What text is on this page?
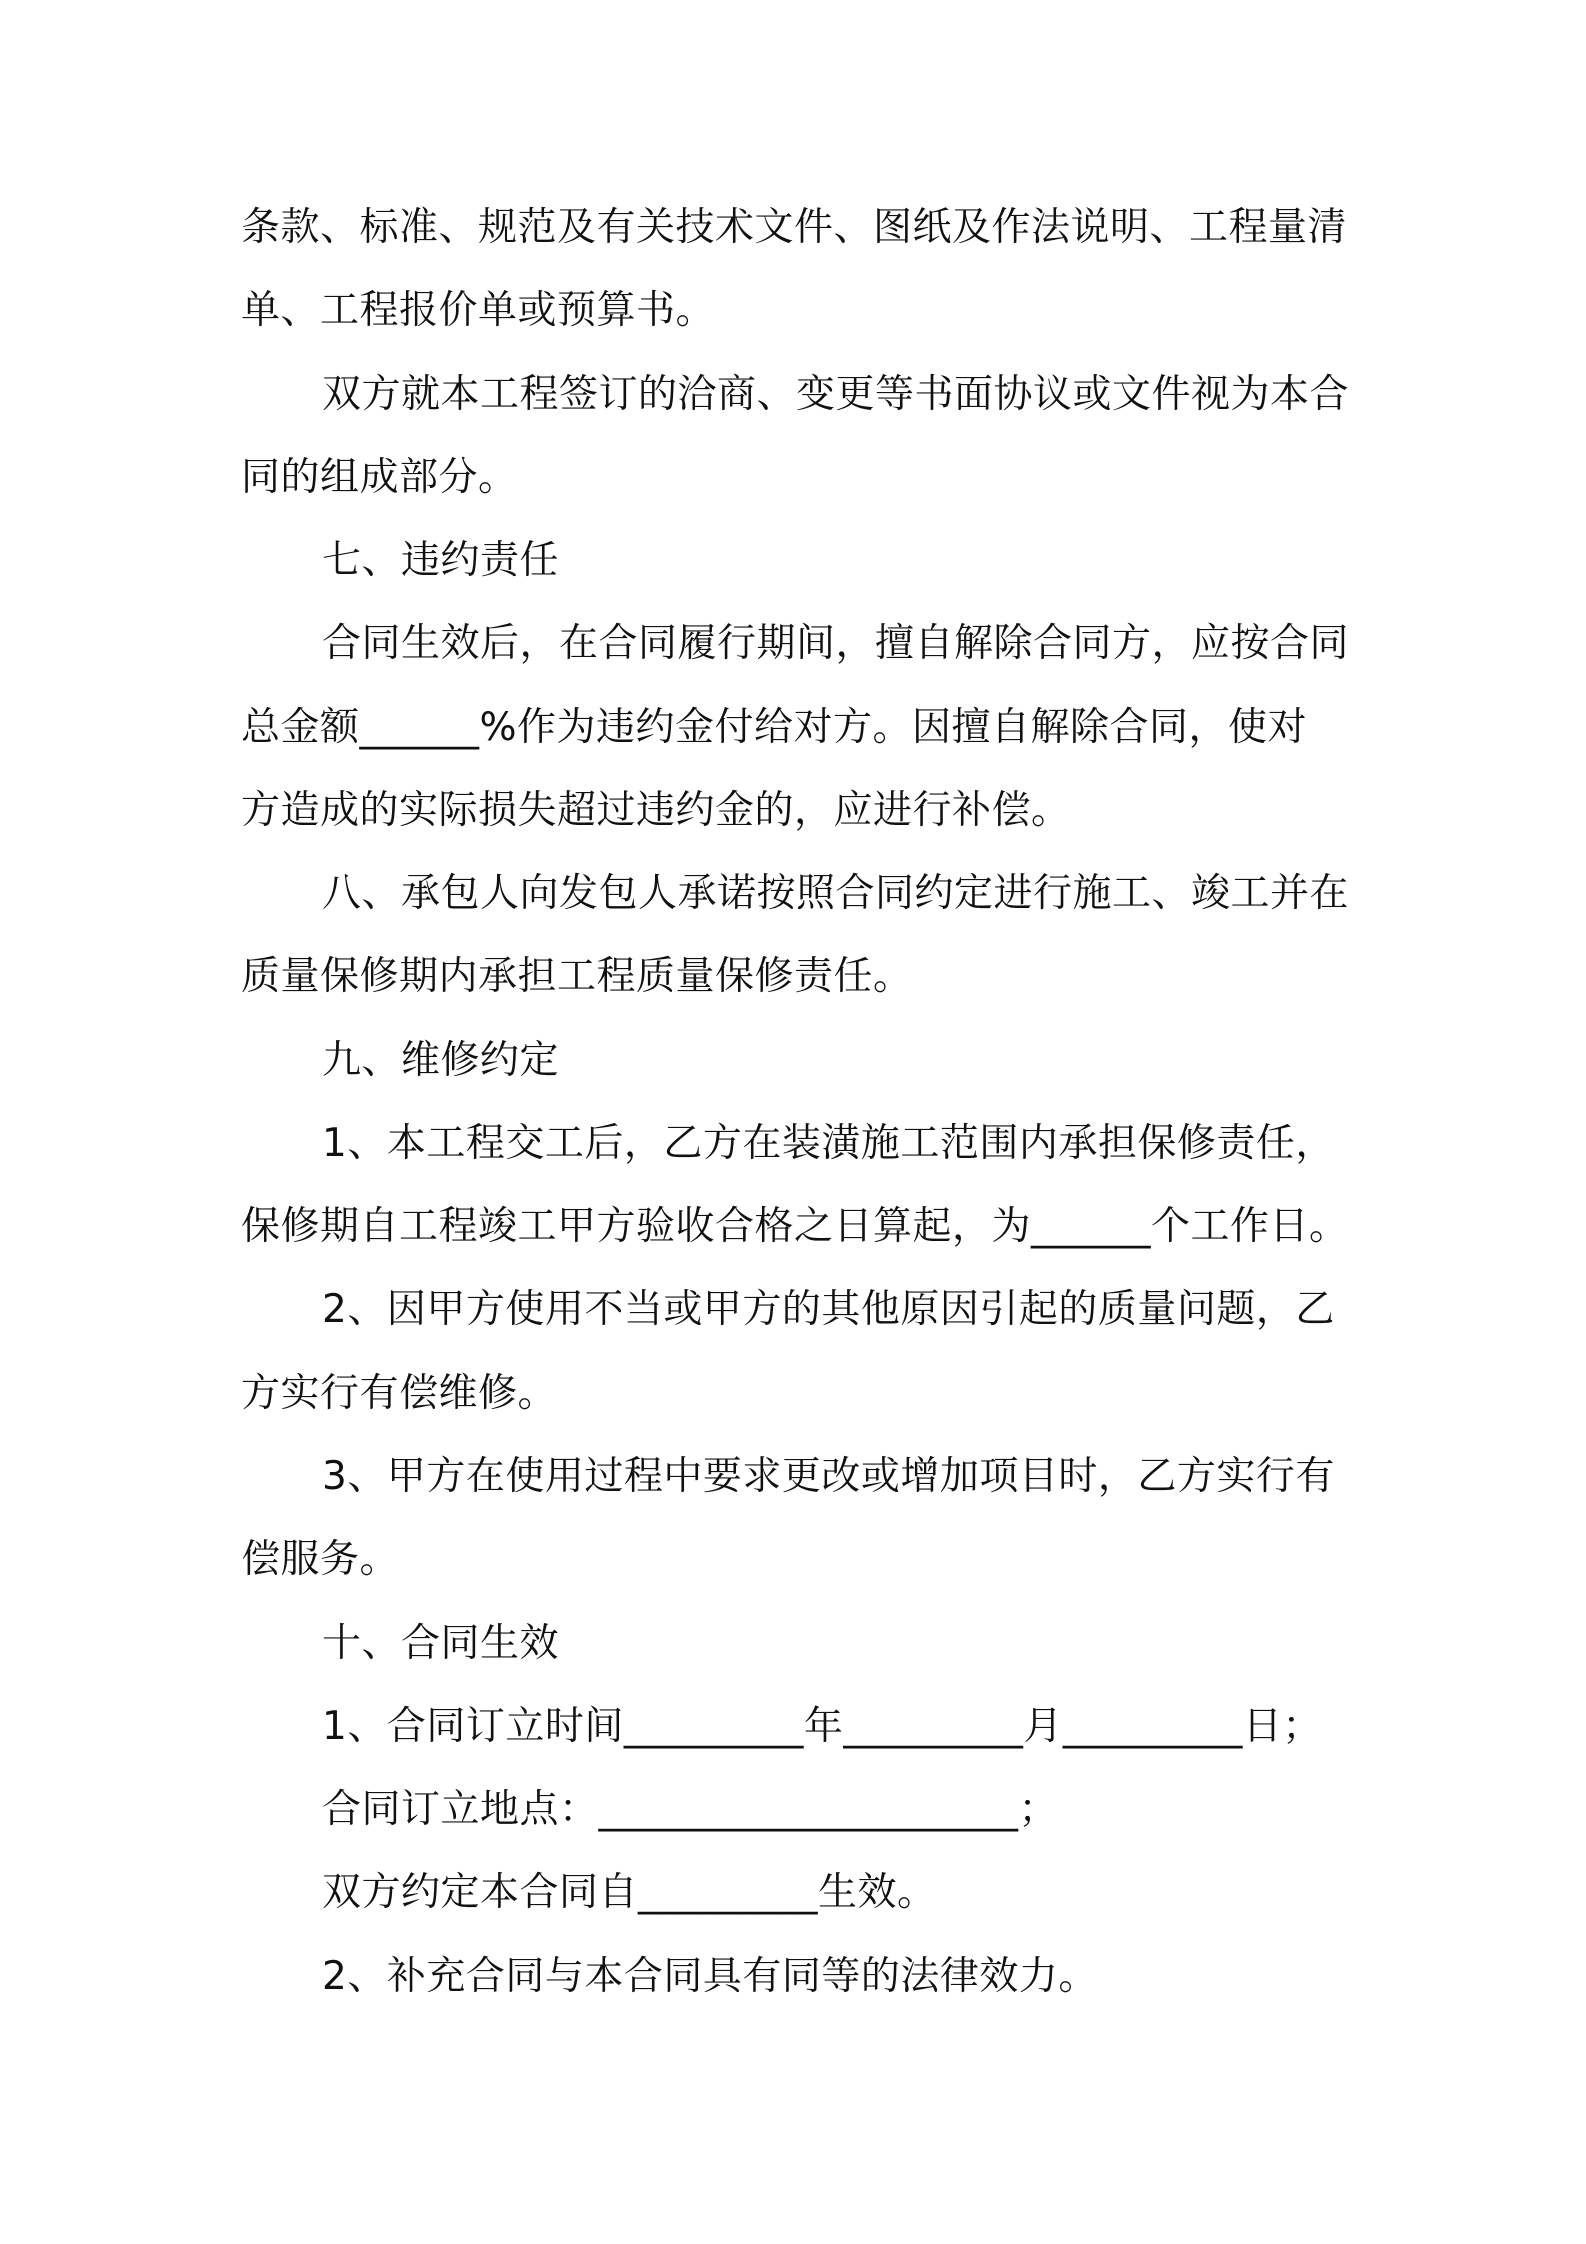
条款、标准、规范及有关技术文件、图纸及作法说明、工程量清
单、工程报价单或预算书。
双方就本工程签订的洽商、变更等书面协议或文件视为本合
同的组成部分。
七、违约责任
合同生效后，在合同履行期间，擅自解除合同方，应按合同
总金额______%作为违约金付给对方。因擅自解除合同，使对
方造成的实际损失超过违约金的，应进行补偿。
八、承包人向发包人承诺按照合同约定进行施工、竣工并在
质量保修期内承担工程质量保修责任。
九、维修约定
1、本工程交工后，乙方在装潢施工范围内承担保修责任，
保修期自工程竣工甲方验收合格之日算起，为______个工作日。
2、因甲方使用不当或甲方的其他原因引起的质量问题，乙
方实行有偿维修。
3、甲方在使用过程中要求更改或增加项目时，乙方实行有
偿服务。
十、合同生效
1、合同订立时间_________年_________月_________日；
合同订立地点：_____________________；
双方约定本合同自_________生效。
2、补充合同与本合同具有同等的法律效力。
